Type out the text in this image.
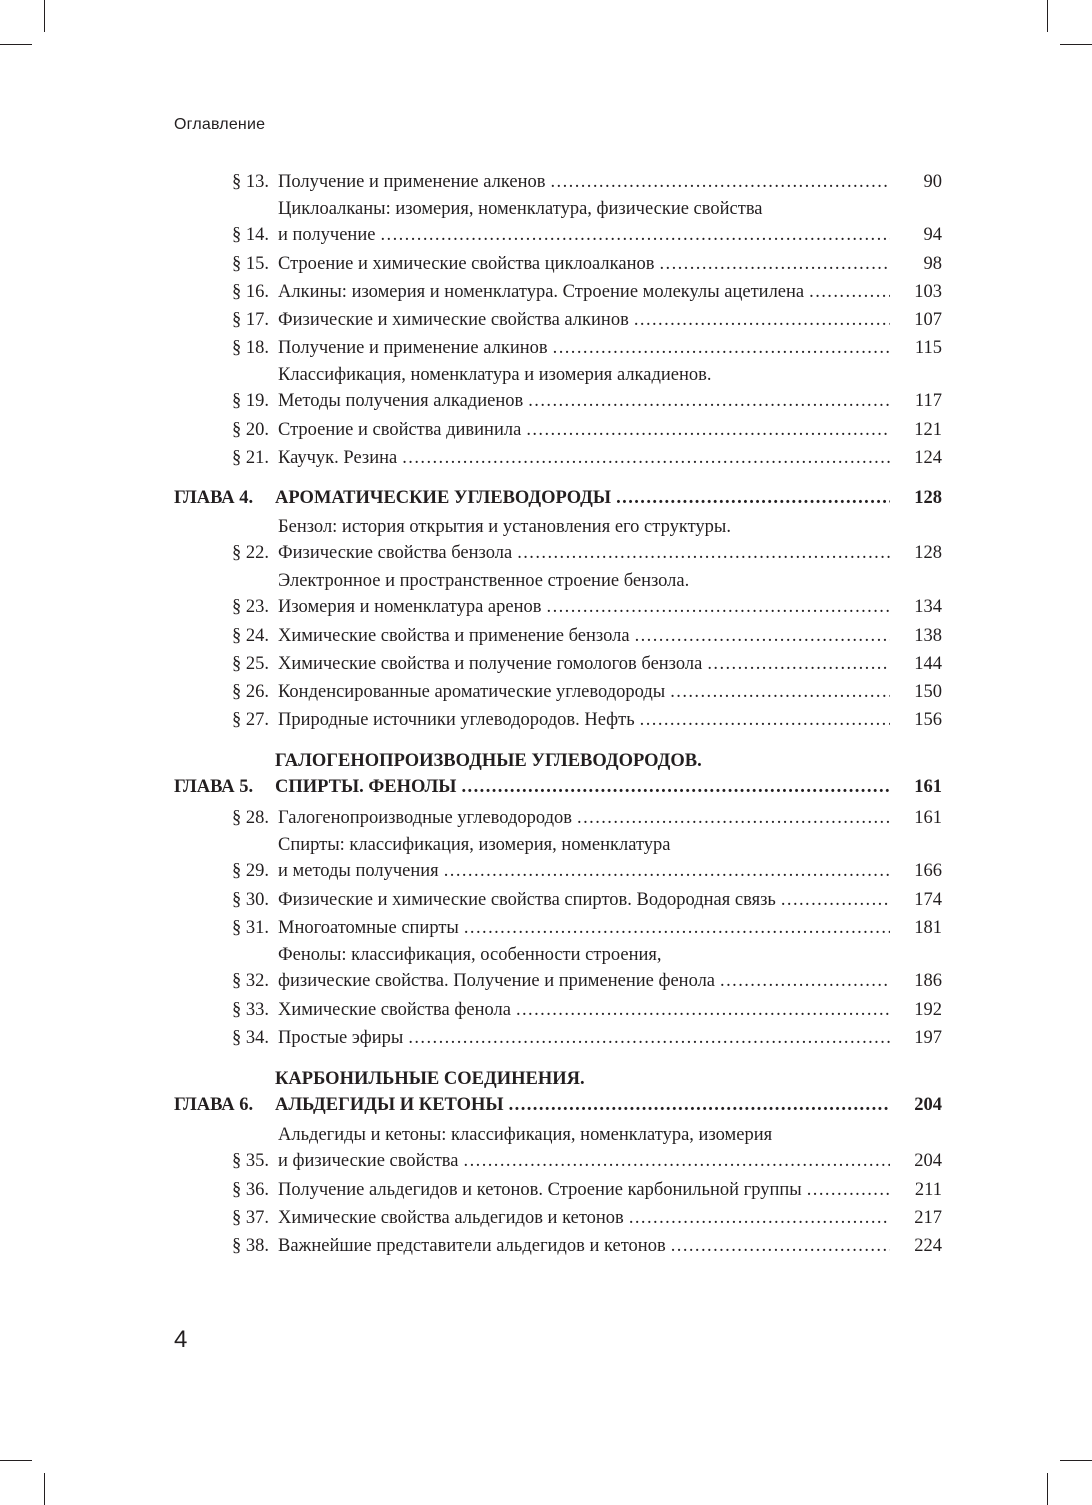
Оглавление
§ 13. Получение и применение алкенов . . .	90
§ 14.
Циклоалканы: изомерия, номенклатура, физические свойства
и получение . . .	94
§ 15. Строение и химические свойства циклоалканов . . .	98
§ 16. Алкины: изомерия и номенклатура. Строение молекулы ацетилена . . .	103
§ 17. Физические и химические свойства алкинов . . .	107
§ 18. Получение и применение алкинов . . .	115
§ 19.
Классификация, номенклатура и изомерия алкадиенов.
Методы получения алкадиенов . . .	117
§ 20. Строение и свойства дивинила . . .	121
§ 21. Каучук. Резина . . .	124
ГЛАВА 4.	АРОМАТИЧЕСКИЕ УГЛЕВОДОРОДЫ . . .	128
§ 22.
Бензол: история открытия и установления его структуры.
Физические свойства бензола . . .	128
§ 23.
Электронное и пространственное строение бензола.
Изомерия и номенклатура аренов . . .	134
§ 24. Химические свойства и применение бензола . . .	138
§ 25. Химические свойства и получение гомологов бензола . . .	144
§ 26. Конденсированные ароматические углеводороды . . .	150
§ 27. Природные источники углеводородов. Нефть . . .	156
ГЛАВА 5.
ГАЛОГЕНОПРОИЗВОДНЫЕ УГЛЕВОДОРОДОВ.
СПИРТЫ. ФЕНОЛЫ . . .	161
§ 28. Галогенопроизводные углеводородов . . .	161
§ 29.
Спирты: классификация, изомерия, номенклатура
и методы получения . . .	166
§ 30. Физические и химические свойства спиртов. Водородная связь . . .	174
§ 31. Многоатомные спирты . . .	181
§ 32.
Фенолы: классификация, особенности строения,
физические свойства. Получение и применение фенола . . .	186
§ 33. Химические свойства фенола . . .	192
§ 34. Простые эфиры . . .	197
ГЛАВА 6.
КАРБОНИЛЬНЫЕ СОЕДИНЕНИЯ.
АЛЬДЕГИДЫ И КЕТОНЫ . . .	204
§ 35.
Альдегиды и кетоны: классификация, номенклатура, изомерия
и физические свойства . . .	204
§ 36. Получение альдегидов и кетонов. Строение карбонильной группы . . .	211
§ 37. Химические свойства альдегидов и кетонов . . .	217
§ 38. Важнейшие представители альдегидов и кетонов . . .	224
4
